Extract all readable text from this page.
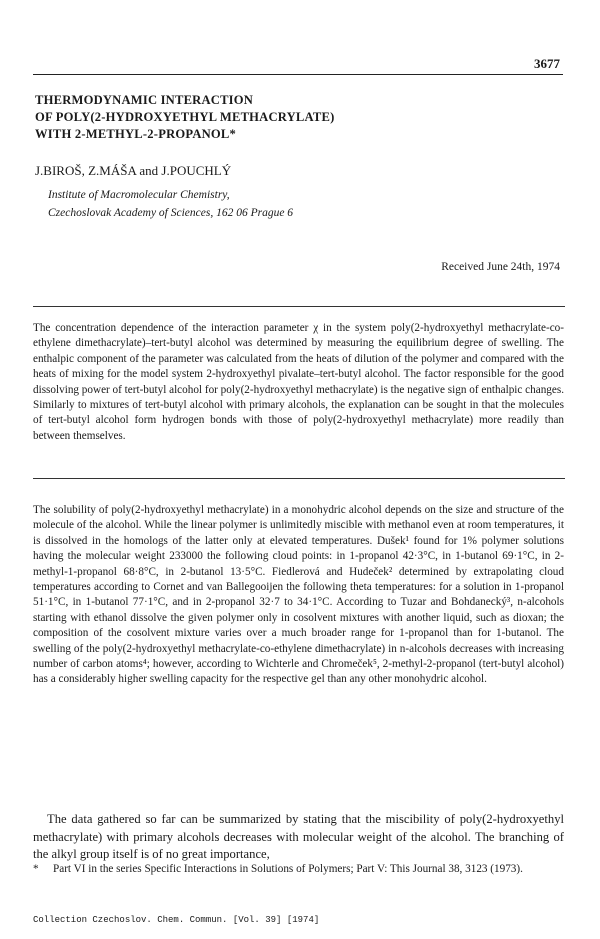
3677
THERMODYNAMIC INTERACTION
OF POLY(2-HYDROXYETHYL METHACRYLATE)
WITH 2-METHYL-2-PROPANOL*
J.BIROŠ, Z.MÁŠA and J.POUCHLÝ
Institute of Macromolecular Chemistry,
Czechoslovak Academy of Sciences, 162 06 Prague 6
Received June 24th, 1974
The concentration dependence of the interaction parameter χ in the system poly(2-hydroxyethyl methacrylate-co-ethylene dimethacrylate)–tert-butyl alcohol was determined by measuring the equilibrium degree of swelling. The enthalpic component of the parameter was calculated from the heats of dilution of the polymer and compared with the heats of mixing for the model system 2-hydroxyethyl pivalate–tert-butyl alcohol. The factor responsible for the good dissolving power of tert-butyl alcohol for poly(2-hydroxyethyl methacrylate) is the negative sign of enthalpic changes. Similarly to mixtures of tert-butyl alcohol with primary alcohols, the explanation can be sought in that the molecules of tert-butyl alcohol form hydrogen bonds with those of poly(2-hydroxyethyl methacrylate) more readily than between themselves.
The solubility of poly(2-hydroxyethyl methacrylate) in a monohydric alcohol depends on the size and structure of the molecule of the alcohol. While the linear polymer is unlimitedly miscible with methanol even at room temperatures, it is dissolved in the homologs of the latter only at elevated temperatures. Dušek¹ found for 1% polymer solutions having the molecular weight 233000 the following cloud points: in 1-propanol 42·3°C, in 1-butanol 69·1°C, in 2-methyl-1-propanol 68·8°C, in 2-butanol 13·5°C. Fiedlerová and Hudeček² determined by extrapolating cloud temperatures according to Cornet and van Ballegooijen the following theta temperatures: for a solution in 1-propanol 51·1°C, in 1-butanol 77·1°C, and in 2-propanol 32·7 to 34·1°C. According to Tuzar and Bohdanecký³, n-alcohols starting with ethanol dissolve the given polymer only in cosolvent mixtures with another liquid, such as dioxan; the composition of the cosolvent mixture varies over a much broader range for 1-propanol than for 1-butanol. The swelling of the poly(2-hydroxyethyl methacrylate-co-ethylene dimethacrylate) in n-alcohols decreases with increasing number of carbon atoms⁴; however, according to Wichterle and Chromeček⁵, 2-methyl-2-propanol (tert-butyl alcohol) has a considerably higher swelling capacity for the respective gel than any other monohydric alcohol.
The data gathered so far can be summarized by stating that the miscibility of poly(2-hydroxyethyl methacrylate) with primary alcohols decreases with molecular weight of the alcohol. The branching of the alkyl group itself is of no great importance,
* Part VI in the series Specific Interactions in Solutions of Polymers; Part V: This Journal 38, 3123 (1973).
Collection Czechoslov. Chem. Commun. [Vol. 39] [1974]
